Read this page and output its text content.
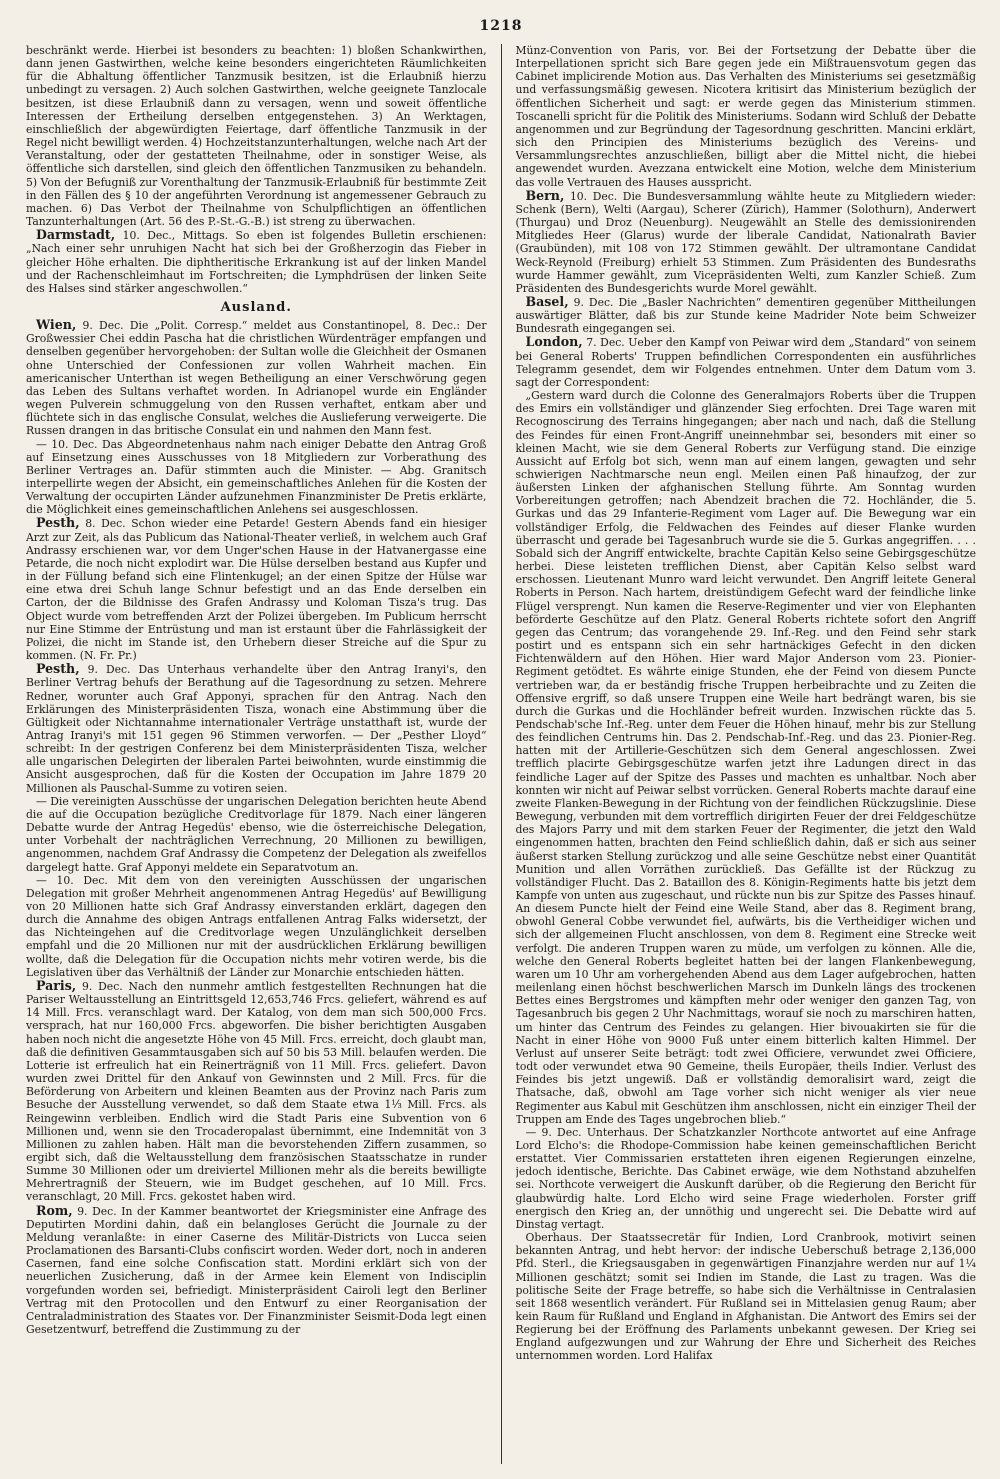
1218

beschränkt werde. Hierbei ist besonders zu beachten: 1) bloßen Schankwirthen, dann jenen Gastwirthen, welche keine besonders eingerichteten Räumlichkeiten für die Abhaltung öffentlicher Tanzmusik besitzen, ist die Erlaubniß hierzu unbedingt zu versagen. 2) Auch solchen Gastwirthen, welche geeignete Tanzlocale besitzen, ist diese Erlaubniß dann zu versagen, wenn und soweit öffentliche Interessen der Ertheilung derselben entgegenstehen. 3) An Werktagen, einschließlich der abgewürdigten Feiertage, darf öffentliche Tanzmusik in der Regel nicht bewilligt werden. 4) Hochzeitstanzunterhaltungen, welche nach Art der Veranstaltung, oder der gestatteten Theilnahme, oder in sonstiger Weise, als öffentliche sich darstellen, sind gleich den öffentlichen Tanzmusiken zu behandeln. 5) Von der Befugniß zur Vorenthaltung der Tanzmusik-Erlaubniß für bestimmte Zeit in den Fällen des § 10 der angeführten Verordnung ist angemessener Gebrauch zu machen. 6) Das Verbot der Theilnahme von Schulpflichtigen an öffentlichen Tanzunterhaltungen (Art. 56 des P.-St.-G.-B.) ist streng zu überwachen.

Darmstadt, 10. Dec., Mittags. So eben ist folgendes Bulletin erschienen: „Nach einer sehr unruhigen Nacht hat sich bei der Großherzogin das Fieber in gleicher Höhe erhalten. Die diphtheritische Erkrankung ist auf der linken Mandel und der Rachenschleimhaut im Fortschreiten; die Lymphdrüsen der linken Seite des Halses sind stärker angeschwollen.“

Ausland.

Wien, 9. Dec. Die „Polit. Corresp.“ meldet aus Constantinopel, 8. Dec.: Der Großwessier Chei eddin Pascha hat die christlichen Würdenträger empfangen und denselben gegenüber hervorgehoben: der Sultan wolle die Gleichheit der Osmanen ohne Unterschied der Confessionen zur vollen Wahrheit machen. Ein americanischer Unterthan ist wegen Betheiligung an einer Verschwörung gegen das Leben des Sultans verhaftet worden. In Adrianopel wurde ein Engländer wegen Pulverein schmuggelung von den Russen verhaftet, entkam aber und flüchtete sich in das englische Consulat, welches die Auslieferung verweigerte. Die Russen drangen in das britische Consulat ein und nahmen den Mann fest.

— 10. Dec. Das Abgeordnetenhaus nahm nach einiger Debatte den Antrag Groß auf Einsetzung eines Ausschusses von 18 Mitgliedern zur Vorberathung des Berliner Vertrages an. Dafür stimmten auch die Minister. — Abg. Granitsch interpellirte wegen der Absicht, ein gemeinschaftliches Anlehen für die Kosten der Verwaltung der occupirten Länder aufzunehmen Finanzminister De Pretis erklärte, die Möglichkeit eines gemeinschaftlichen Anlehens sei ausgeschlossen.

Pesth, 8. Dec. Schon wieder eine Petarde! Gestern Abends fand ein hiesiger Arzt zur Zeit, als das Publicum das National-Theater verließ, in welchem auch Graf Andrassy erschienen war, vor dem Unger'schen Hause in der Hatvanergasse eine Petarde, die noch nicht explodirt war. Die Hülse derselben bestand aus Kupfer und in der Füllung befand sich eine Flintenkugel; an der einen Spitze der Hülse war eine etwa drei Schuh lange Schnur befestigt und an das Ende derselben ein Carton, der die Bildnisse des Grafen Andrassy und Koloman Tisza's trug. Das Object wurde vom betreffenden Arzt der Polizei übergeben. Im Publicum herrscht nur Eine Stimme der Entrüstung und man ist erstaunt über die Fahrlässigkeit der Polizei, die nicht im Stande ist, den Urhebern dieser Streiche auf die Spur zu kommen. (N. Fr. Pr.)

Pesth, 9. Dec. Das Unterhaus verhandelte über den Antrag Iranyi's, den Berliner Vertrag behufs der Berathung auf die Tagesordnung zu setzen. Mehrere Redner, worunter auch Graf Apponyi, sprachen für den Antrag. Nach den Erklärungen des Ministerpräsidenten Tisza, wonach eine Abstimmung über die Gültigkeit oder Nichtannahme internationaler Verträge unstatthaft ist, wurde der Antrag Iranyi's mit 151 gegen 96 Stimmen verworfen. — Der „Pesther Lloyd“ schreibt: In der gestrigen Conferenz bei dem Ministerpräsidenten Tisza, welcher alle ungarischen Delegirten der liberalen Partei beiwohnten, wurde einstimmig die Ansicht ausgesprochen, daß für die Kosten der Occupation im Jahre 1879 20 Millionen als Pauschal-Summe zu votiren seien.

— Die vereinigten Ausschüsse der ungarischen Delegation berichten heute Abend die auf die Occupation bezügliche Creditvorlage für 1879. Nach einer längeren Debatte wurde der Antrag Hegedüs' ebenso, wie die österreichische Delegation, unter Vorbehalt der nachträglichen Verrechnung, 20 Millionen zu bewilligen, angenommen, nachdem Graf Andrassy die Competenz der Delegation als zweifellos dargelegt hatte. Graf Apponyi meldete ein Separatvotum an.

— 10. Dec. Mit dem von den vereinigten Ausschüssen der ungarischen Delegation mit großer Mehrheit angenommenen Antrag Hegedüs' auf Bewilligung von 20 Millionen hatte sich Graf Andrassy einverstanden erklärt, dagegen den durch die Annahme des obigen Antrags entfallenen Antrag Falks widersetzt, der das Nichteingehen auf die Creditvorlage wegen Unzulänglichkeit derselben empfahl und die 20 Millionen nur mit der ausdrücklichen Erklärung bewilligen wollte, daß die Delegation für die Occupation nichts mehr votiren werde, bis die Legislativen über das Verhältniß der Länder zur Monarchie entschieden hätten.

Paris, 9. Dec. Nach den nunmehr amtlich festgestellten Rechnungen hat die Pariser Weltausstellung an Eintrittsgeld 12,653,746 Frcs. geliefert, während es auf 14 Mill. Frcs. veranschlagt ward. Der Katalog, von dem man sich 500,000 Frcs. versprach, hat nur 160,000 Frcs. abgeworfen. Die bisher berichtigten Ausgaben haben noch nicht die angesetzte Höhe von 45 Mill. Frcs. erreicht, doch glaubt man, daß die definitiven Gesammtausgaben sich auf 50 bis 53 Mill. belaufen werden. Die Lotterie ist erfreulich hat ein Reinerträgniß von 11 Mill. Frcs. geliefert. Davon wurden zwei Drittel für den Ankauf von Gewinnsten und 2 Mill. Frcs. für die Beförderung von Arbeitern und kleinen Beamten aus der Provinz nach Paris zum Besuche der Ausstellung verwendet, so daß dem Staate etwa 1⅓ Mill. Frcs. als Reingewinn verbleiben. Endlich wird die Stadt Paris eine Subvention von 6 Millionen und, wenn sie den Trocaderopalast übernimmt, eine Indemnität von 3 Millionen zu zahlen haben. Hält man die bevorstehenden Ziffern zusammen, so ergibt sich, daß die Weltausstellung dem französischen Staatsschatze in runder Summe 30 Millionen oder um dreiviertel Millionen mehr als die bereits bewilligte Mehrertragniß der Steuern, wie im Budget geschehen, auf 10 Mill. Frcs. veranschlagt, 20 Mill. Frcs. gekostet haben wird.

Rom, 9. Dec. In der Kammer beantwortet der Kriegsminister eine Anfrage des Deputirten Mordini dahin, daß ein belangloses Gerücht die Journale zu der Meldung veranlaßte: in einer Caserne des Militär-Districts von Lucca seien Proclamationen des Barsanti-Clubs confiscirt worden. Weder dort, noch in anderen Casernen, fand eine solche Confiscation statt. Mordini erklärt sich von der neuerlichen Zusicherung, daß in der Armee kein Element von Indisciplin vorgefunden worden sei, befriedigt. Ministerpräsident Cairoli legt den Berliner Vertrag mit den Protocollen und den Entwurf zu einer Reorganisation der Centraladministration des Staates vor. Der Finanzminister Seismit-Doda legt einen Gesetzentwurf, betreffend die Zustimmung zu der

Münz-Convention von Paris, vor. Bei der Fortsetzung der Debatte über die Interpellationen spricht sich Bare gegen jede ein Mißtrauensvotum gegen das Cabinet implicirende Motion aus. Das Verhalten des Ministeriums sei gesetzmäßig und verfassungsmäßig gewesen. Nicotera kritisirt das Ministerium bezüglich der öffentlichen Sicherheit und sagt: er werde gegen das Ministerium stimmen. Toscanelli spricht für die Politik des Ministeriums. Sodann wird Schluß der Debatte angenommen und zur Begründung der Tagesordnung geschritten. Mancini erklärt, sich den Principien des Ministeriums bezüglich des Vereins- und Versammlungsrechtes anzuschließen, billigt aber die Mittel nicht, die hiebei angewendet wurden. Avezzana entwickelt eine Motion, welche dem Ministerium das volle Vertrauen des Hauses ausspricht.

Bern, 10. Dec. Die Bundesversammlung wählte heute zu Mitgliedern wieder: Schenk (Bern), Welti (Aargau), Scherer (Zürich), Hammer (Solothurn), Anderwert (Thurgau) und Droz (Neuenburg). Neugewählt an Stelle des demissionirenden Mitgliedes Heer (Glarus) wurde der liberale Candidat, Nationalrath Bavier (Graubünden), mit 108 von 172 Stimmen gewählt. Der ultramontane Candidat Weck-Reynold (Freiburg) erhielt 53 Stimmen. Zum Präsidenten des Bundesraths wurde Hammer gewählt, zum Vicepräsidenten Welti, zum Kanzler Schieß. Zum Präsidenten des Bundesgerichts wurde Morel gewählt.

Basel, 9. Dec. Die „Basler Nachrichten“ dementiren gegenüber Mittheilungen auswärtiger Blätter, daß bis zur Stunde keine Madrider Note beim Schweizer Bundesrath eingegangen sei.

London, 7. Dec. Ueber den Kampf von Peiwar wird dem „Standard“ von seinem bei General Roberts' Truppen befindlichen Correspondenten ein ausführliches Telegramm gesendet, dem wir Folgendes entnehmen. Unter dem Datum vom 3. sagt der Correspondent:

„Gestern ward durch die Colonne des Generalmajors Roberts über die Truppen des Emirs ein vollständiger und glänzender Sieg erfochten. Drei Tage waren mit Recognoscirung des Terrains hingegangen; aber nach und nach, daß die Stellung des Feindes für einen Front-Angriff uneinnehmbar sei, besonders mit einer so kleinen Macht, wie sie dem General Roberts zur Verfügung stand. Die einzige Aussicht auf Erfolg bot sich, wenn man auf einem langen, gewagten und sehr schwierigen Nachtmarsche neun engl. Meilen einen Paß hinaufzog, der zur äußersten Linken der afghanischen Stellung führte. Am Sonntag wurden Vorbereitungen getroffen; nach Abendzeit brachen die 72. Hochländer, die 5. Gurkas und das 29 Infanterie-Regiment vom Lager auf. Die Bewegung war ein vollständiger Erfolg, die Feldwachen des Feindes auf dieser Flanke wurden überrascht und gerade bei Tagesanbruch wurde sie die 5. Gurkas angegriffen. . . . Sobald sich der Angriff entwickelte, brachte Capitän Kelso seine Gebirgsgeschütze herbei. Diese leisteten trefflichen Dienst, aber Capitän Kelso selbst ward erschossen. Lieutenant Munro ward leicht verwundet. Den Angriff leitete General Roberts in Person. Nach hartem, dreistündigem Gefecht ward der feindliche linke Flügel versprengt. Nun kamen die Reserve-Regimenter und vier von Elephanten beförderte Geschütze auf den Platz. General Roberts richtete sofort den Angriff gegen das Centrum; das vorangehende 29. Inf.-Reg. und den Feind sehr stark postirt und es entspann sich ein sehr hartnäckiges Gefecht in den dicken Fichtenwäldern auf den Höhen. Hier ward Major Anderson vom 23. Pionier-Regiment getödtet. Es währte einige Stunden, ehe der Feind von diesem Puncte vertrieben war, da er beständig frische Truppen herbeibrachte und zu Zeiten die Offensive ergriff, so daß unsere Truppen eine Weile hart bedrängt waren, bis sie durch die Gurkas und die Hochländer befreit wurden. Inzwischen rückte das 5. Pendschab'sche Inf.-Reg. unter dem Feuer die Höhen hinauf, mehr bis zur Stellung des feindlichen Centrums hin. Das 2. Pendschab-Inf.-Reg. und das 23. Pionier-Reg. hatten mit der Artillerie-Geschützen sich dem General angeschlossen. Zwei trefflich placirte Gebirgsgeschütze warfen jetzt ihre Ladungen direct in das feindliche Lager auf der Spitze des Passes und machten es unhaltbar. Noch aber konnten wir nicht auf Peiwar selbst vorrücken. General Roberts machte darauf eine zweite Flanken-Bewegung in der Richtung von der feindlichen Rückzugslinie. Diese Bewegung, verbunden mit dem vortrefflich dirigirten Feuer der drei Feldgeschütze des Majors Parry und mit dem starken Feuer der Regimenter, die jetzt den Wald eingenommen hatten, brachten den Feind schließlich dahin, daß er sich aus seiner äußerst starken Stellung zurückzog und alle seine Geschütze nebst einer Quantität Munition und allen Vorräthen zurückließ. Das Gefällte ist der Rückzug zu vollständiger Flucht. Das 2. Bataillon des 8. Königin-Regiments hatte bis jetzt dem Kampfe von unten aus zugeschaut, und rückte nun bis zur Spitze des Passes hinauf. An diesem Puncte hielt der Feind eine Weile Stand, aber das 8. Regiment brang, obwohl General Cobbe verwundet fiel, aufwärts, bis die Vertheidiger wichen und sich der allgemeinen Flucht anschlossen, von dem 8. Regiment eine Strecke weit verfolgt. Die anderen Truppen waren zu müde, um verfolgen zu können. Alle die, welche den General Roberts begleitet hatten bei der langen Flankenbewegung, waren um 10 Uhr am vorhergehenden Abend aus dem Lager aufgebrochen, hatten meilenlang einen höchst beschwerlichen Marsch im Dunkeln längs des trockenen Bettes eines Bergstromes und kämpften mehr oder weniger den ganzen Tag, von Tagesanbruch bis gegen 2 Uhr Nachmittags, worauf sie noch zu marschiren hatten, um hinter das Centrum des Feindes zu gelangen. Hier bivouakirten sie für die Nacht in einer Höhe von 9000 Fuß unter einem bitterlich kalten Himmel. Der Verlust auf unserer Seite beträgt: todt zwei Officiere, verwundet zwei Officiere, todt oder verwundet etwa 90 Gemeine, theils Europäer, theils Indier. Verlust des Feindes bis jetzt ungewiß. Daß er vollständig demoralisirt ward, zeigt die Thatsache, daß, obwohl am Tage vorher sich nicht weniger als vier neue Regimenter aus Kabul mit Geschützen ihm anschlossen, nicht ein einziger Theil der Truppen am Ende des Tages ungebrochen blieb.“

— 9. Dec. Unterhaus. Der Schatzkanzler Northcote antwortet auf eine Anfrage Lord Elcho's: die Rhodope-Commission habe keinen gemeinschaftlichen Bericht erstattet. Vier Commissarien erstatteten ihren eigenen Regierungen einzelne, jedoch identische, Berichte. Das Cabinet erwäge, wie dem Nothstand abzuhelfen sei. Northcote verweigert die Auskunft darüber, ob die Regierung den Bericht für glaubwürdig halte. Lord Elcho wird seine Frage wiederholen. Forster griff energisch den Krieg an, der unnöthig und ungerecht sei. Die Debatte wird auf Dinstag vertagt.

Oberhaus. Der Staatssecretär für Indien, Lord Cranbrook, motivirt seinen bekannten Antrag, und hebt hervor: der indische Ueberschuß betrage 2,136,000 Pfd. Sterl., die Kriegsausgaben in gegenwärtigen Finanzjahre werden nur auf 1¼ Millionen geschätzt; somit sei Indien im Stande, die Last zu tragen. Was die politische Seite der Frage betreffe, so habe sich die Verhältnisse in Centralasien seit 1868 wesentlich verändert. Für Rußland sei in Mittelasien genug Raum; aber kein Raum für Rußland und England in Afghanistan. Die Antwort des Emirs sei der Regierung bei der Eröffnung des Parlaments unbekannt gewesen. Der Krieg sei England aufgezwungen und zur Wahrung der Ehre und Sicherheit des Reiches unternommen worden. Lord Halifax
